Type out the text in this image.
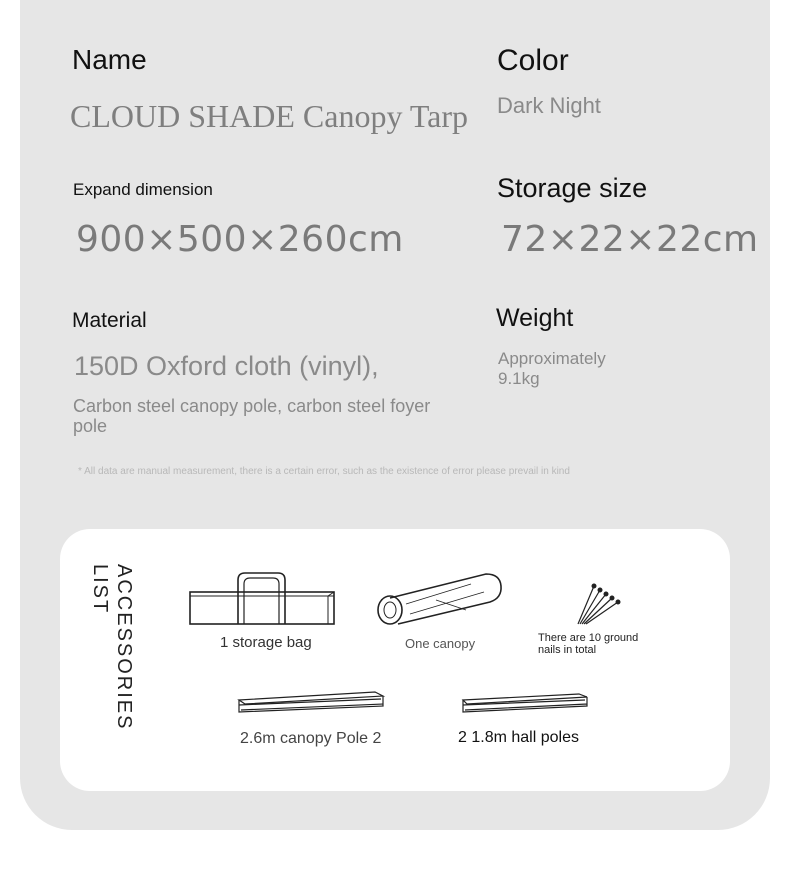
Name
CLOUD SHADE Canopy Tarp
Color
Dark Night
Expand dimension
900×500×260cm
Storage size
72×22×22cm
Material
150D Oxford cloth (vinyl),
Carbon steel canopy pole, carbon steel foyer pole
Weight
Approximately 9.1kg
* All data are manual measurement, there is a certain error, such as the existence of error please prevail in kind
ACCESSORIES LIST
1 storage bag	One canopy	There are 10 ground nails in total
2.6m canopy Pole 2	2 1.8m hall poles
